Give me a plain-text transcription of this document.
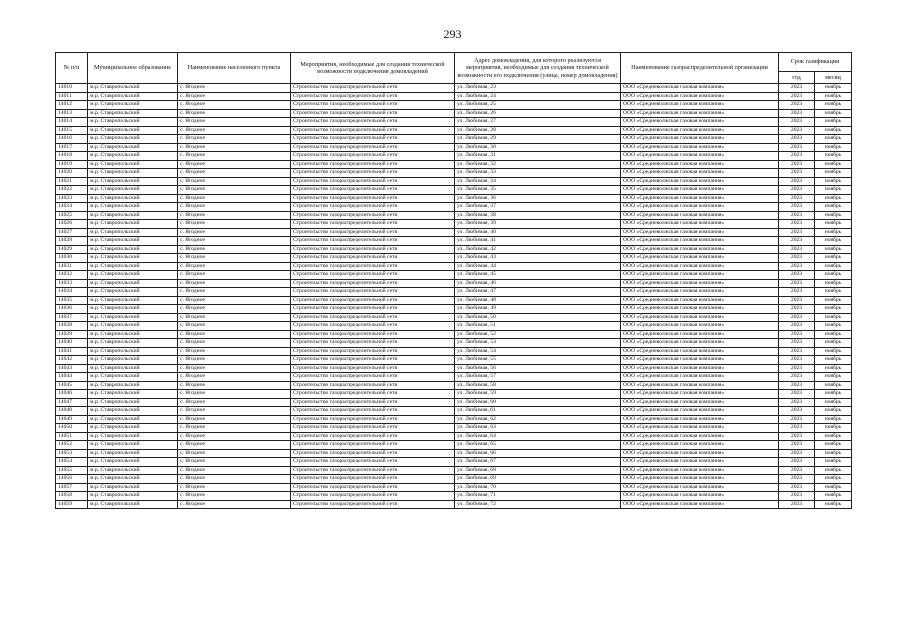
293
№ п/п	Муниципальное образование	Наименование населенного пункта	Мероприятия, необходимые для создания технической возможности подключения домовладений	Адрес домовладения, для которого реализуются мероприятия, необходимые для создания технической возможности его подключения (улица, номер домовладения)	Наименование газораспределительной организации	Срок газификации	
						год	месяц
14010	м.р. Ставропольский	с. Ягодное	Строительство газораспределительной сети	ул. Любимая, 23	ООО «Средневолжская газовая компания»	2023	ноябрь
14011	м.р. Ставропольский	с. Ягодное	Строительство газораспределительной сети	ул. Любимая, 24	ООО «Средневолжская газовая компания»	2023	ноябрь
14012	м.р. Ставропольский	с. Ягодное	Строительство газораспределительной сети	ул. Любимая, 25	ООО «Средневолжская газовая компания»	2023	ноябрь
14013	м.р. Ставропольский	с. Ягодное	Строительство газораспределительной сети	ул. Любимая, 26	ООО «Средневолжская газовая компания»	2023	ноябрь
14014	м.р. Ставропольский	с. Ягодное	Строительство газораспределительной сети	ул. Любимая, 27	ООО «Средневолжская газовая компания»	2023	ноябрь
14015	м.р. Ставропольский	с. Ягодное	Строительство газораспределительной сети	ул. Любимая, 28	ООО «Средневолжская газовая компания»	2023	ноябрь
14016	м.р. Ставропольский	с. Ягодное	Строительство газораспределительной сети	ул. Любимая, 29	ООО «Средневолжская газовая компания»	2023	ноябрь
14017	м.р. Ставропольский	с. Ягодное	Строительство газораспределительной сети	ул. Любимая, 30	ООО «Средневолжская газовая компания»	2023	ноябрь
14018	м.р. Ставропольский	с. Ягодное	Строительство газораспределительной сети	ул. Любимая, 31	ООО «Средневолжская газовая компания»	2023	ноябрь
14019	м.р. Ставропольский	с. Ягодное	Строительство газораспределительной сети	ул. Любимая, 32	ООО «Средневолжская газовая компания»	2023	ноябрь
14020	м.р. Ставропольский	с. Ягодное	Строительство газораспределительной сети	ул. Любимая, 33	ООО «Средневолжская газовая компания»	2023	ноябрь
14021	м.р. Ставропольский	с. Ягодное	Строительство газораспределительной сети	ул. Любимая, 34	ООО «Средневолжская газовая компания»	2023	ноябрь
14022	м.р. Ставропольский	с. Ягодное	Строительство газораспределительной сети	ул. Любимая, 35	ООО «Средневолжская газовая компания»	2023	ноябрь
14023	м.р. Ставропольский	с. Ягодное	Строительство газораспределительной сети	ул. Любимая, 36	ООО «Средневолжская газовая компания»	2023	ноябрь
14024	м.р. Ставропольский	с. Ягодное	Строительство газораспределительной сети	ул. Любимая, 37	ООО «Средневолжская газовая компания»	2023	ноябрь
14025	м.р. Ставропольский	с. Ягодное	Строительство газораспределительной сети	ул. Любимая, 38	ООО «Средневолжская газовая компания»	2023	ноябрь
14026	м.р. Ставропольский	с. Ягодное	Строительство газораспределительной сети	ул. Любимая, 39	ООО «Средневолжская газовая компания»	2023	ноябрь
14027	м.р. Ставропольский	с. Ягодное	Строительство газораспределительной сети	ул. Любимая, 40	ООО «Средневолжская газовая компания»	2023	ноябрь
14028	м.р. Ставропольский	с. Ягодное	Строительство газораспределительной сети	ул. Любимая, 41	ООО «Средневолжская газовая компания»	2023	ноябрь
14029	м.р. Ставропольский	с. Ягодное	Строительство газораспределительной сети	ул. Любимая, 42	ООО «Средневолжская газовая компания»	2023	ноябрь
14030	м.р. Ставропольский	с. Ягодное	Строительство газораспределительной сети	ул. Любимая, 43	ООО «Средневолжская газовая компания»	2023	ноябрь
14031	м.р. Ставропольский	с. Ягодное	Строительство газораспределительной сети	ул. Любимая, 44	ООО «Средневолжская газовая компания»	2023	ноябрь
14032	м.р. Ставропольский	с. Ягодное	Строительство газораспределительной сети	ул. Любимая, 45	ООО «Средневолжская газовая компания»	2023	ноябрь
14033	м.р. Ставропольский	с. Ягодное	Строительство газораспределительной сети	ул. Любимая, 46	ООО «Средневолжская газовая компания»	2023	ноябрь
14034	м.р. Ставропольский	с. Ягодное	Строительство газораспределительной сети	ул. Любимая, 47	ООО «Средневолжская газовая компания»	2023	ноябрь
14035	м.р. Ставропольский	с. Ягодное	Строительство газораспределительной сети	ул. Любимая, 48	ООО «Средневолжская газовая компания»	2023	ноябрь
14036	м.р. Ставропольский	с. Ягодное	Строительство газораспределительной сети	ул. Любимая, 49	ООО «Средневолжская газовая компания»	2023	ноябрь
14037	м.р. Ставропольский	с. Ягодное	Строительство газораспределительной сети	ул. Любимая, 50	ООО «Средневолжская газовая компания»	2023	ноябрь
14038	м.р. Ставропольский	с. Ягодное	Строительство газораспределительной сети	ул. Любимая, 51	ООО «Средневолжская газовая компания»	2023	ноябрь
14039	м.р. Ставропольский	с. Ягодное	Строительство газораспределительной сети	ул. Любимая, 52	ООО «Средневолжская газовая компания»	2023	ноябрь
14040	м.р. Ставропольский	с. Ягодное	Строительство газораспределительной сети	ул. Любимая, 53	ООО «Средневолжская газовая компания»	2023	ноябрь
14041	м.р. Ставропольский	с. Ягодное	Строительство газораспределительной сети	ул. Любимая, 54	ООО «Средневолжская газовая компания»	2023	ноябрь
14042	м.р. Ставропольский	с. Ягодное	Строительство газораспределительной сети	ул. Любимая, 55	ООО «Средневолжская газовая компания»	2023	ноябрь
14043	м.р. Ставропольский	с. Ягодное	Строительство газораспределительной сети	ул. Любимая, 56	ООО «Средневолжская газовая компания»	2023	ноябрь
14044	м.р. Ставропольский	с. Ягодное	Строительство газораспределительной сети	ул. Любимая, 57	ООО «Средневолжская газовая компания»	2023	ноябрь
14045	м.р. Ставропольский	с. Ягодное	Строительство газораспределительной сети	ул. Любимая, 58	ООО «Средневолжская газовая компания»	2023	ноябрь
14046	м.р. Ставропольский	с. Ягодное	Строительство газораспределительной сети	ул. Любимая, 59	ООО «Средневолжская газовая компания»	2023	ноябрь
14047	м.р. Ставропольский	с. Ягодное	Строительство газораспределительной сети	ул. Любимая, 60	ООО «Средневолжская газовая компания»	2023	ноябрь
14048	м.р. Ставропольский	с. Ягодное	Строительство газораспределительной сети	ул. Любимая, 61	ООО «Средневолжская газовая компания»	2023	ноябрь
14049	м.р. Ставропольский	с. Ягодное	Строительство газораспределительной сети	ул. Любимая, 62	ООО «Средневолжская газовая компания»	2023	ноябрь
14050	м.р. Ставропольский	с. Ягодное	Строительство газораспределительной сети	ул. Любимая, 63	ООО «Средневолжская газовая компания»	2023	ноябрь
14051	м.р. Ставропольский	с. Ягодное	Строительство газораспределительной сети	ул. Любимая, 64	ООО «Средневолжская газовая компания»	2023	ноябрь
14052	м.р. Ставропольский	с. Ягодное	Строительство газораспределительной сети	ул. Любимая, 65	ООО «Средневолжская газовая компания»	2023	ноябрь
14053	м.р. Ставропольский	с. Ягодное	Строительство газораспределительной сети	ул. Любимая, 66	ООО «Средневолжская газовая компания»	2023	ноябрь
14054	м.р. Ставропольский	с. Ягодное	Строительство газораспределительной сети	ул. Любимая, 67	ООО «Средневолжская газовая компания»	2023	ноябрь
14055	м.р. Ставропольский	с. Ягодное	Строительство газораспределительной сети	ул. Любимая, 68	ООО «Средневолжская газовая компания»	2023	ноябрь
14056	м.р. Ставропольский	с. Ягодное	Строительство газораспределительной сети	ул. Любимая, 69	ООО «Средневолжская газовая компания»	2023	ноябрь
14057	м.р. Ставропольский	с. Ягодное	Строительство газораспределительной сети	ул. Любимая, 70	ООО «Средневолжская газовая компания»	2023	ноябрь
14058	м.р. Ставропольский	с. Ягодное	Строительство газораспределительной сети	ул. Любимая, 71	ООО «Средневолжская газовая компания»	2023	ноябрь
14059	м.р. Ставропольский	с. Ягодное	Строительство газораспределительной сети	ул. Любимая, 72	ООО «Средневолжская газовая компания»	2023	ноябрь
